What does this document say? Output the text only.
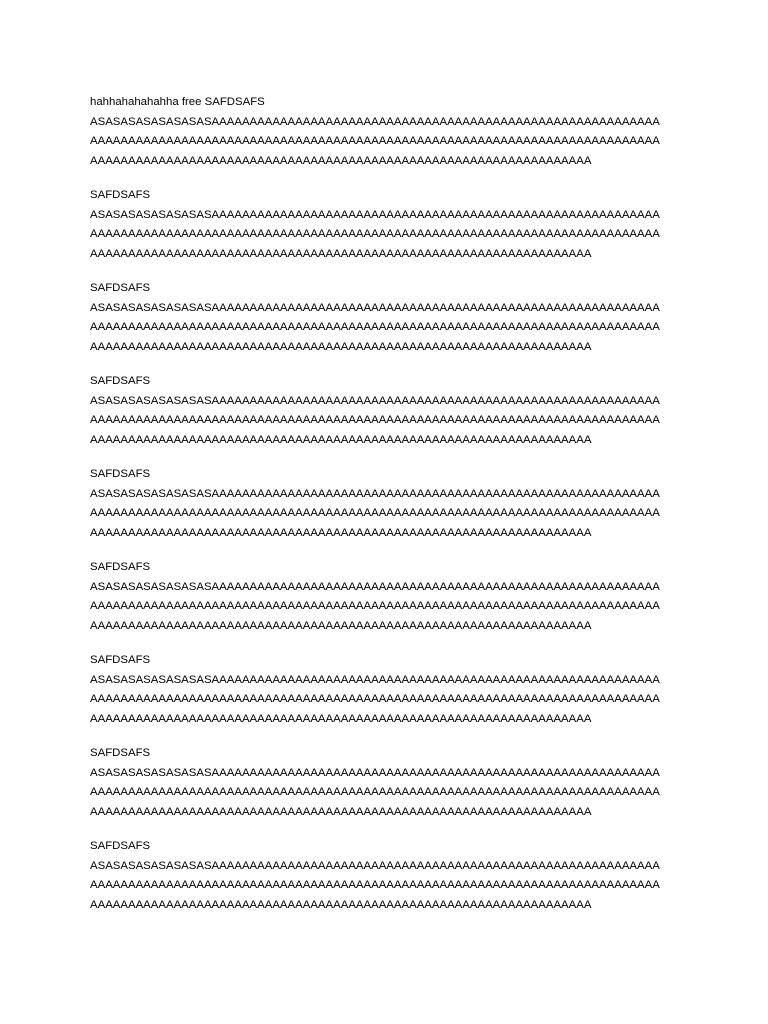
hahhahahahahha free SAFDSAFS
ASASASASASASASASAAAAAAAAAAAAAAAAAAAAAAAAAAAAAAAAAAAAAAAAAAAAAAAAAAAAAAAAAAA
AAAAAAAAAAAAAAAAAAAAAAAAAAAAAAAAAAAAAAAAAAAAAAAAAAAAAAAAAAAAAAAAAAAAAAAAAAA
AAAAAAAAAAAAAAAAAAAAAAAAAAAAAAAAAAAAAAAAAAAAAAAAAAAAAAAAAAAAAAAAAA
SAFDSAFS
ASASASASASASASASAAAAAAAAAAAAAAAAAAAAAAAAAAAAAAAAAAAAAAAAAAAAAAAAAAAAAAAAAAA
AAAAAAAAAAAAAAAAAAAAAAAAAAAAAAAAAAAAAAAAAAAAAAAAAAAAAAAAAAAAAAAAAAAAAAAAAAA
AAAAAAAAAAAAAAAAAAAAAAAAAAAAAAAAAAAAAAAAAAAAAAAAAAAAAAAAAAAAAAAAAA
SAFDSAFS
ASASASASASASASASAAAAAAAAAAAAAAAAAAAAAAAAAAAAAAAAAAAAAAAAAAAAAAAAAAAAAAAAAAA
AAAAAAAAAAAAAAAAAAAAAAAAAAAAAAAAAAAAAAAAAAAAAAAAAAAAAAAAAAAAAAAAAAAAAAAAAAA
AAAAAAAAAAAAAAAAAAAAAAAAAAAAAAAAAAAAAAAAAAAAAAAAAAAAAAAAAAAAAAAAAA
SAFDSAFS
ASASASASASASASASAAAAAAAAAAAAAAAAAAAAAAAAAAAAAAAAAAAAAAAAAAAAAAAAAAAAAAAAAAA
AAAAAAAAAAAAAAAAAAAAAAAAAAAAAAAAAAAAAAAAAAAAAAAAAAAAAAAAAAAAAAAAAAAAAAAAAAA
AAAAAAAAAAAAAAAAAAAAAAAAAAAAAAAAAAAAAAAAAAAAAAAAAAAAAAAAAAAAAAAAAA
SAFDSAFS
ASASASASASASASASAAAAAAAAAAAAAAAAAAAAAAAAAAAAAAAAAAAAAAAAAAAAAAAAAAAAAAAAAAA
AAAAAAAAAAAAAAAAAAAAAAAAAAAAAAAAAAAAAAAAAAAAAAAAAAAAAAAAAAAAAAAAAAAAAAAAAAA
AAAAAAAAAAAAAAAAAAAAAAAAAAAAAAAAAAAAAAAAAAAAAAAAAAAAAAAAAAAAAAAAAA
SAFDSAFS
ASASASASASASASASAAAAAAAAAAAAAAAAAAAAAAAAAAAAAAAAAAAAAAAAAAAAAAAAAAAAAAAAAAA
AAAAAAAAAAAAAAAAAAAAAAAAAAAAAAAAAAAAAAAAAAAAAAAAAAAAAAAAAAAAAAAAAAAAAAAAAAA
AAAAAAAAAAAAAAAAAAAAAAAAAAAAAAAAAAAAAAAAAAAAAAAAAAAAAAAAAAAAAAAAAA
SAFDSAFS
ASASASASASASASASAAAAAAAAAAAAAAAAAAAAAAAAAAAAAAAAAAAAAAAAAAAAAAAAAAAAAAAAAAA
AAAAAAAAAAAAAAAAAAAAAAAAAAAAAAAAAAAAAAAAAAAAAAAAAAAAAAAAAAAAAAAAAAAAAAAAAAA
AAAAAAAAAAAAAAAAAAAAAAAAAAAAAAAAAAAAAAAAAAAAAAAAAAAAAAAAAAAAAAAAAA
SAFDSAFS
ASASASASASASASASAAAAAAAAAAAAAAAAAAAAAAAAAAAAAAAAAAAAAAAAAAAAAAAAAAAAAAAAAAA
AAAAAAAAAAAAAAAAAAAAAAAAAAAAAAAAAAAAAAAAAAAAAAAAAAAAAAAAAAAAAAAAAAAAAAAAAAA
AAAAAAAAAAAAAAAAAAAAAAAAAAAAAAAAAAAAAAAAAAAAAAAAAAAAAAAAAAAAAAAAAA
SAFDSAFS
ASASASASASASASASAAAAAAAAAAAAAAAAAAAAAAAAAAAAAAAAAAAAAAAAAAAAAAAAAAAAAAAAAAA
AAAAAAAAAAAAAAAAAAAAAAAAAAAAAAAAAAAAAAAAAAAAAAAAAAAAAAAAAAAAAAAAAAAAAAAAAAA
AAAAAAAAAAAAAAAAAAAAAAAAAAAAAAAAAAAAAAAAAAAAAAAAAAAAAAAAAAAAAAAAAA
